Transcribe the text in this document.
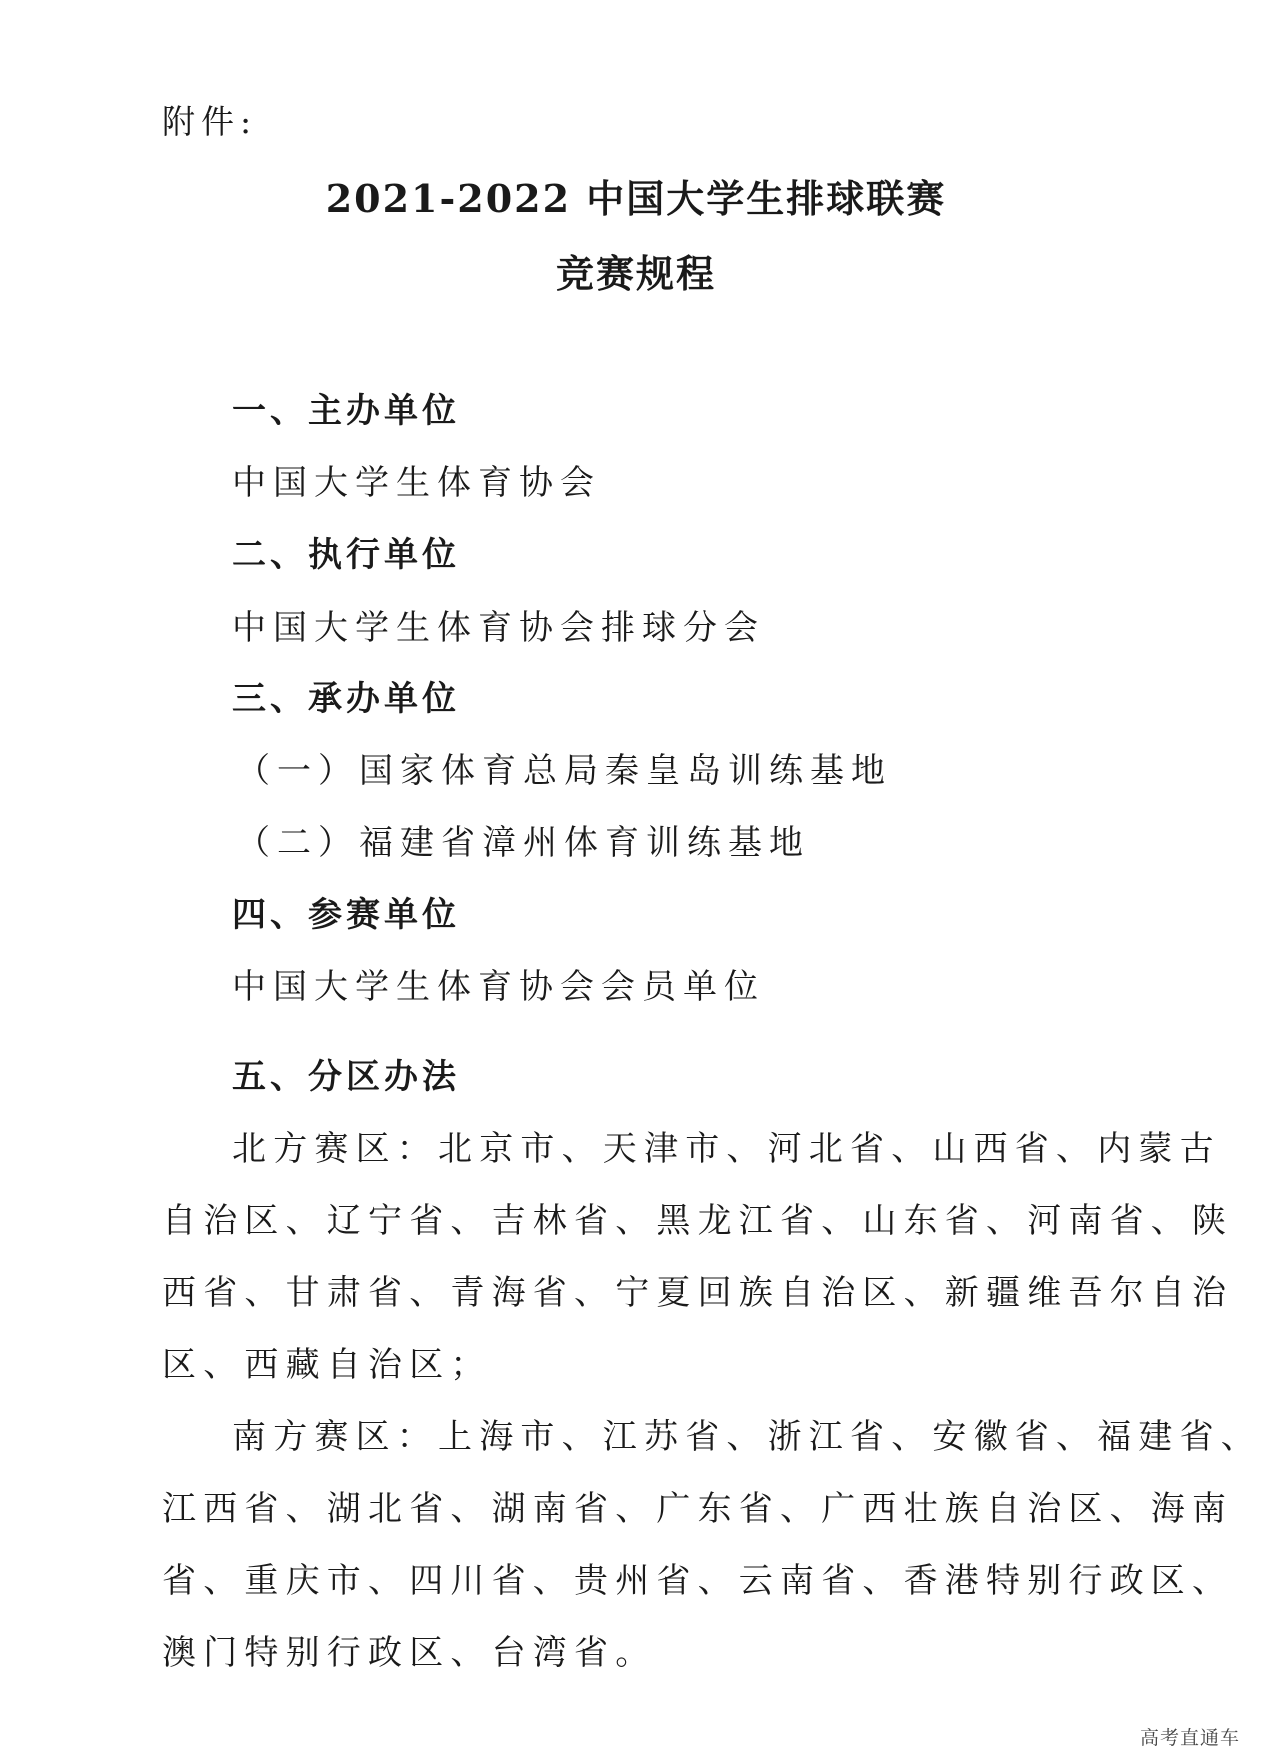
附件:
2021-2022 中国大学生排球联赛
竞赛规程
一、主办单位
中国大学生体育协会
二、执行单位
中国大学生体育协会排球分会
三、承办单位
（一）国家体育总局秦皇岛训练基地
（二）福建省漳州体育训练基地
四、参赛单位
中国大学生体育协会会员单位
五、分区办法
北方赛区：北京市、天津市、河北省、山西省、内蒙古
自治区、辽宁省、吉林省、黑龙江省、山东省、河南省、陕
西省、甘肃省、青海省、宁夏回族自治区、新疆维吾尔自治
区、西藏自治区；
南方赛区：上海市、江苏省、浙江省、安徽省、福建省、
江西省、湖北省、湖南省、广东省、广西壮族自治区、海南
省、重庆市、四川省、贵州省、云南省、香港特别行政区、
澳门特别行政区、台湾省。
高考直通车
